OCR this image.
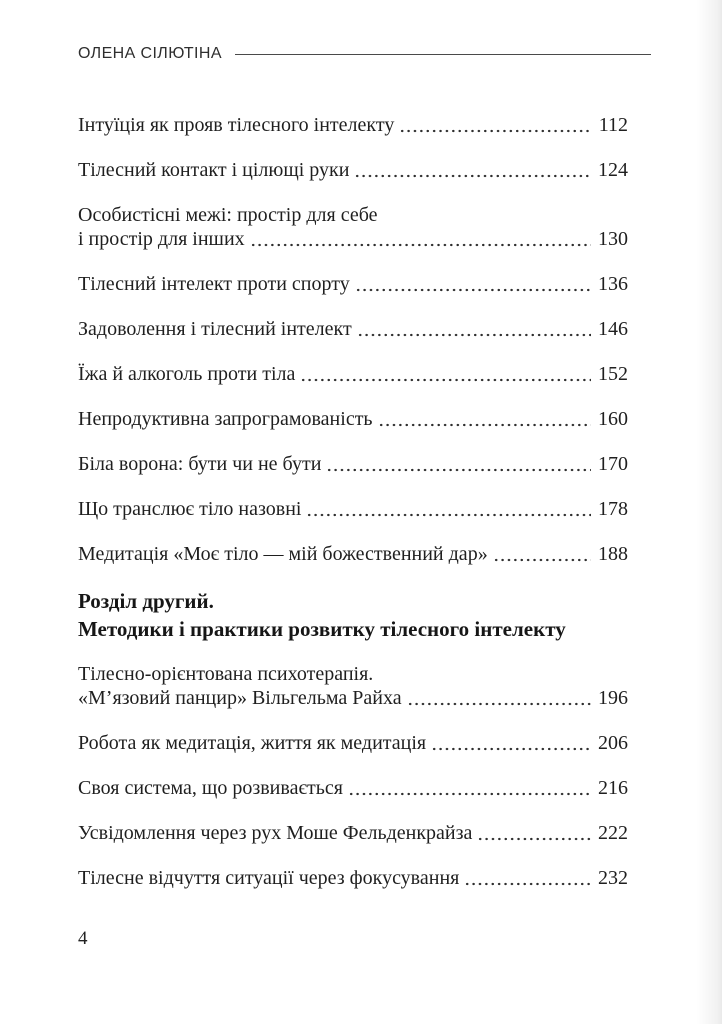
ОЛЕНА СІЛЮТІНА
Інтуїція як прояв тілесного інтелекту	112
Тілесний контакт і цілющі руки	124
Особистісні межі: простір для себе
і простір для інших	130
Тілесний інтелект проти спорту	136
Задоволення і тілесний інтелект	146
Їжа й алкоголь проти тіла	152
Непродуктивна запрограмованість	160
Біла ворона: бути чи не бути	170
Що транслює тіло назовні	178
Медитація «Моє тіло — мій божественний дар»	188
Розділ другий.
Методики і практики розвитку тілесного інтелекту
Тілесно-орієнтована психотерапія.
«М’язовий панцир» Вільгельма Райха	196
Робота як медитація, життя як медитація	206
Своя система, що розвивається	216
Усвідомлення через рух Моше Фельденкрайза	222
Тілесне відчуття ситуації через фокусування	232
4
